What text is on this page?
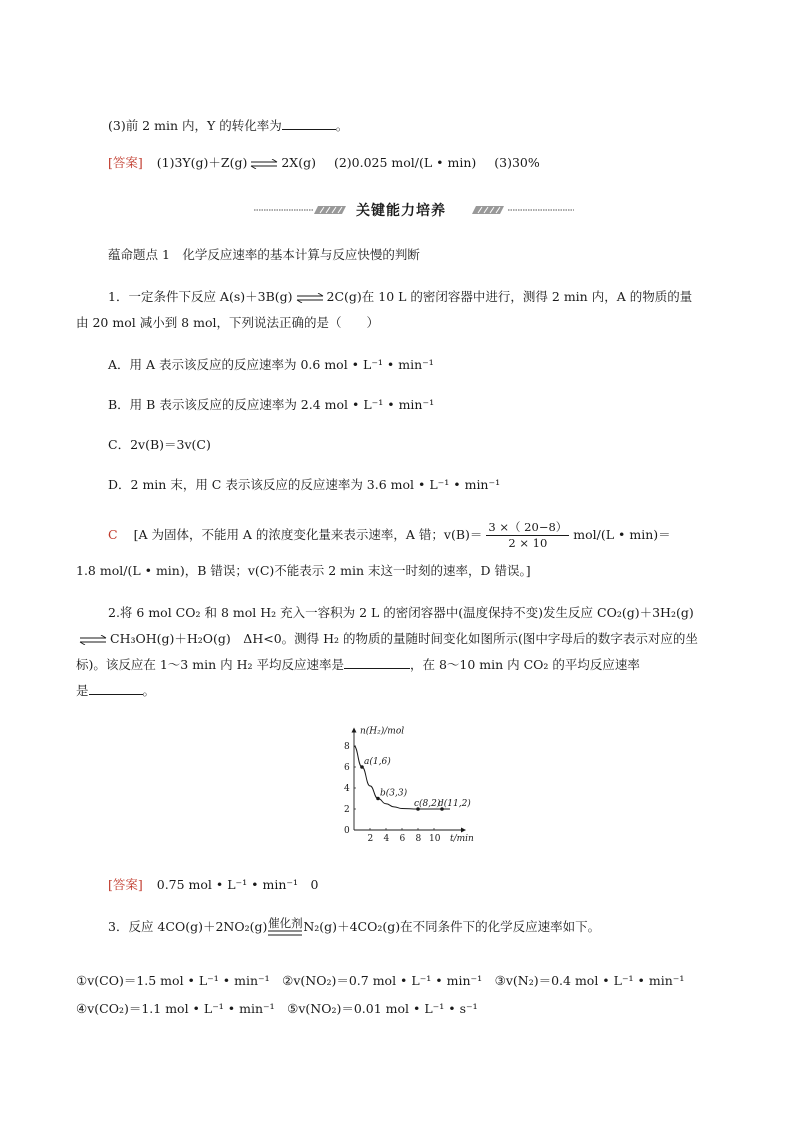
(3)前 2 min 内，Y 的转化率为	。
[答案] (1)3Y(g)＋Z(g) ⇌ 2X(g) (2)0.025 mol/(L • min) (3)30%
关键能力培养
蕴命题点 1　化学反应速率的基本计算与反应快慢的判断
1．一定条件下反应 A(s)＋3B(g) ⇌ 2C(g)在 10 L 的密闭容器中进行，测得 2 min 内，A 的物质的量
由 20 mol 减小到 8 mol，下列说法正确的是（　　）
A．用 A 表示该反应的反应速率为 0.6 mol • L⁻¹ • min⁻¹
B．用 B 表示该反应的反应速率为 2.4 mol • L⁻¹ • min⁻¹
C．2v(B)＝3v(C)
D．2 min 末，用 C 表示该反应的反应速率为 3.6 mol • L⁻¹ • min⁻¹
C [A 为固体，不能用 A 的浓度变化量来表示速率，A 错；$v(B)= \frac{3 \times( 20-8)}{2 \times 10} mol/(L$ • min)＝
1.8 mol/(L • min)，B 错误；v(C)不能表示 2 min 末这一时刻的速率，D 错误。]
2.将 6 mol CO₂ 和 8 mol H₂ 充入一容积为 2 L 的密闭容器中(温度保持不变)发生反应 CO₂(g)＋3H₂(g)
⇌ CH₃OH(g)＋H₂O(g)　ΔH<0。测得 H₂ 的物质的量随时间变化如图所示(图中字母后的数字表示对应的坐
标)。该反应在 1～3 min 内 H₂ 平均反应速率是	，在 8～10 min 内 CO₂ 的平均反应速率
是	。
n(H₂)/mol
t/min
a(1,6)
b(3,3)
c(8,2)
d(11,2)
2 4 6 8 10
0
2
4
6
8
[答案] 0.75 mol • L⁻¹ • min⁻¹　0
3．反应 4CO(g)＋2NO₂(g) 催化剂 N₂(g)＋4CO₂(g)在不同条件下的化学反应速率如下。
①v(CO)＝1.5 mol • L⁻¹ • min⁻¹　②v(NO₂)＝0.7 mol • L⁻¹ • min⁻¹　③v(N₂)＝0.4 mol • L⁻¹ • min⁻¹
④v(CO₂)＝1.1 mol • L⁻¹ • min⁻¹　⑤v(NO₂)＝0.01 mol • L⁻¹ • s⁻¹
